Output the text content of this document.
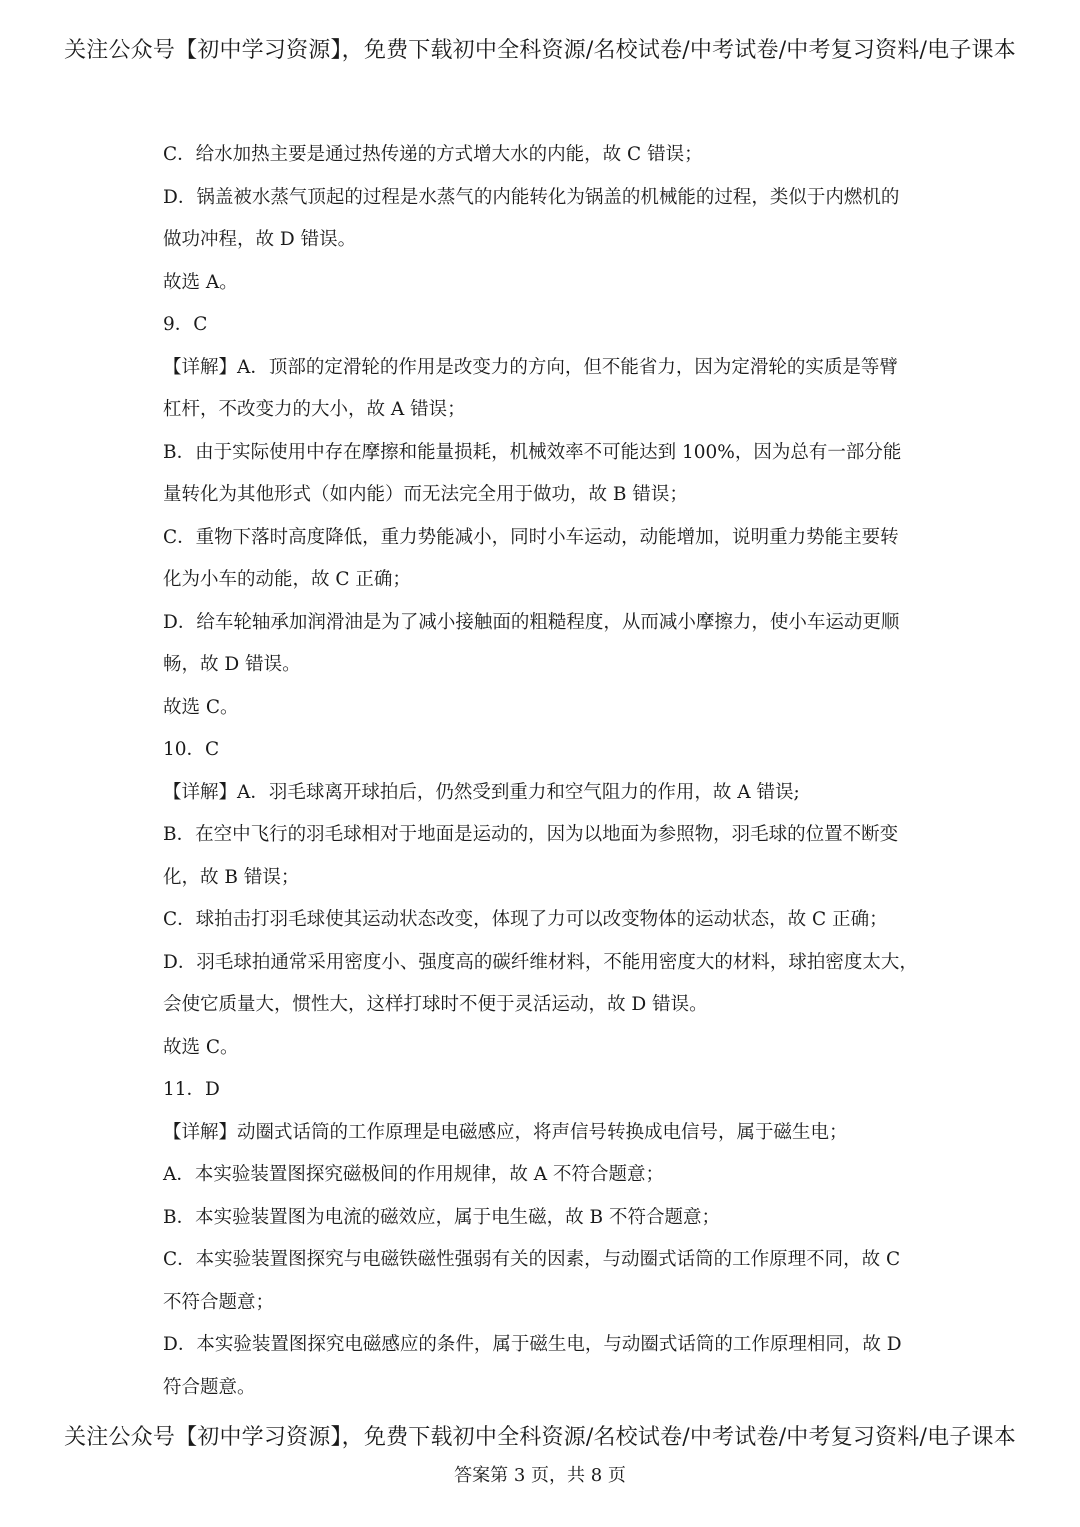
关注公众号【初中学习资源】，免费下载初中全科资源/名校试卷/中考试卷/中考复习资料/电子课本
C．给水加热主要是通过热传递的方式增大水的内能，故 C 错误；
D．锅盖被水蒸气顶起的过程是水蒸气的内能转化为锅盖的机械能的过程，类似于内燃机的
做功冲程，故 D 错误。
故选 A。
9．C
【详解】A．顶部的定滑轮的作用是改变力的方向，但不能省力，因为定滑轮的实质是等臂
杠杆，不改变力的大小，故 A 错误；
B．由于实际使用中存在摩擦和能量损耗，机械效率不可能达到 100%，因为总有一部分能
量转化为其他形式（如内能）而无法完全用于做功，故 B 错误；
C．重物下落时高度降低，重力势能减小，同时小车运动，动能增加，说明重力势能主要转
化为小车的动能，故 C 正确；
D．给车轮轴承加润滑油是为了减小接触面的粗糙程度，从而减小摩擦力，使小车运动更顺
畅，故 D 错误。
故选 C。
10．C
【详解】A．羽毛球离开球拍后，仍然受到重力和空气阻力的作用，故 A 错误;
B．在空中飞行的羽毛球相对于地面是运动的，因为以地面为参照物，羽毛球的位置不断变
化，故 B 错误；
C．球拍击打羽毛球使其运动状态改变，体现了力可以改变物体的运动状态，故 C 正确；
D．羽毛球拍通常采用密度小、强度高的碳纤维材料，不能用密度大的材料，球拍密度太大，
会使它质量大，惯性大，这样打球时不便于灵活运动，故 D 错误。
故选 C。
11．D
【详解】动圈式话筒的工作原理是电磁感应，将声信号转换成电信号，属于磁生电；
A．本实验装置图探究磁极间的作用规律，故 A 不符合题意；
B．本实验装置图为电流的磁效应，属于电生磁，故 B 不符合题意；
C．本实验装置图探究与电磁铁磁性强弱有关的因素，与动圈式话筒的工作原理不同，故 C
不符合题意；
D．本实验装置图探究电磁感应的条件，属于磁生电，与动圈式话筒的工作原理相同，故 D
符合题意。
关注公众号【初中学习资源】，免费下载初中全科资源/名校试卷/中考试卷/中考复习资料/电子课本
答案第 3 页，共 8 页
